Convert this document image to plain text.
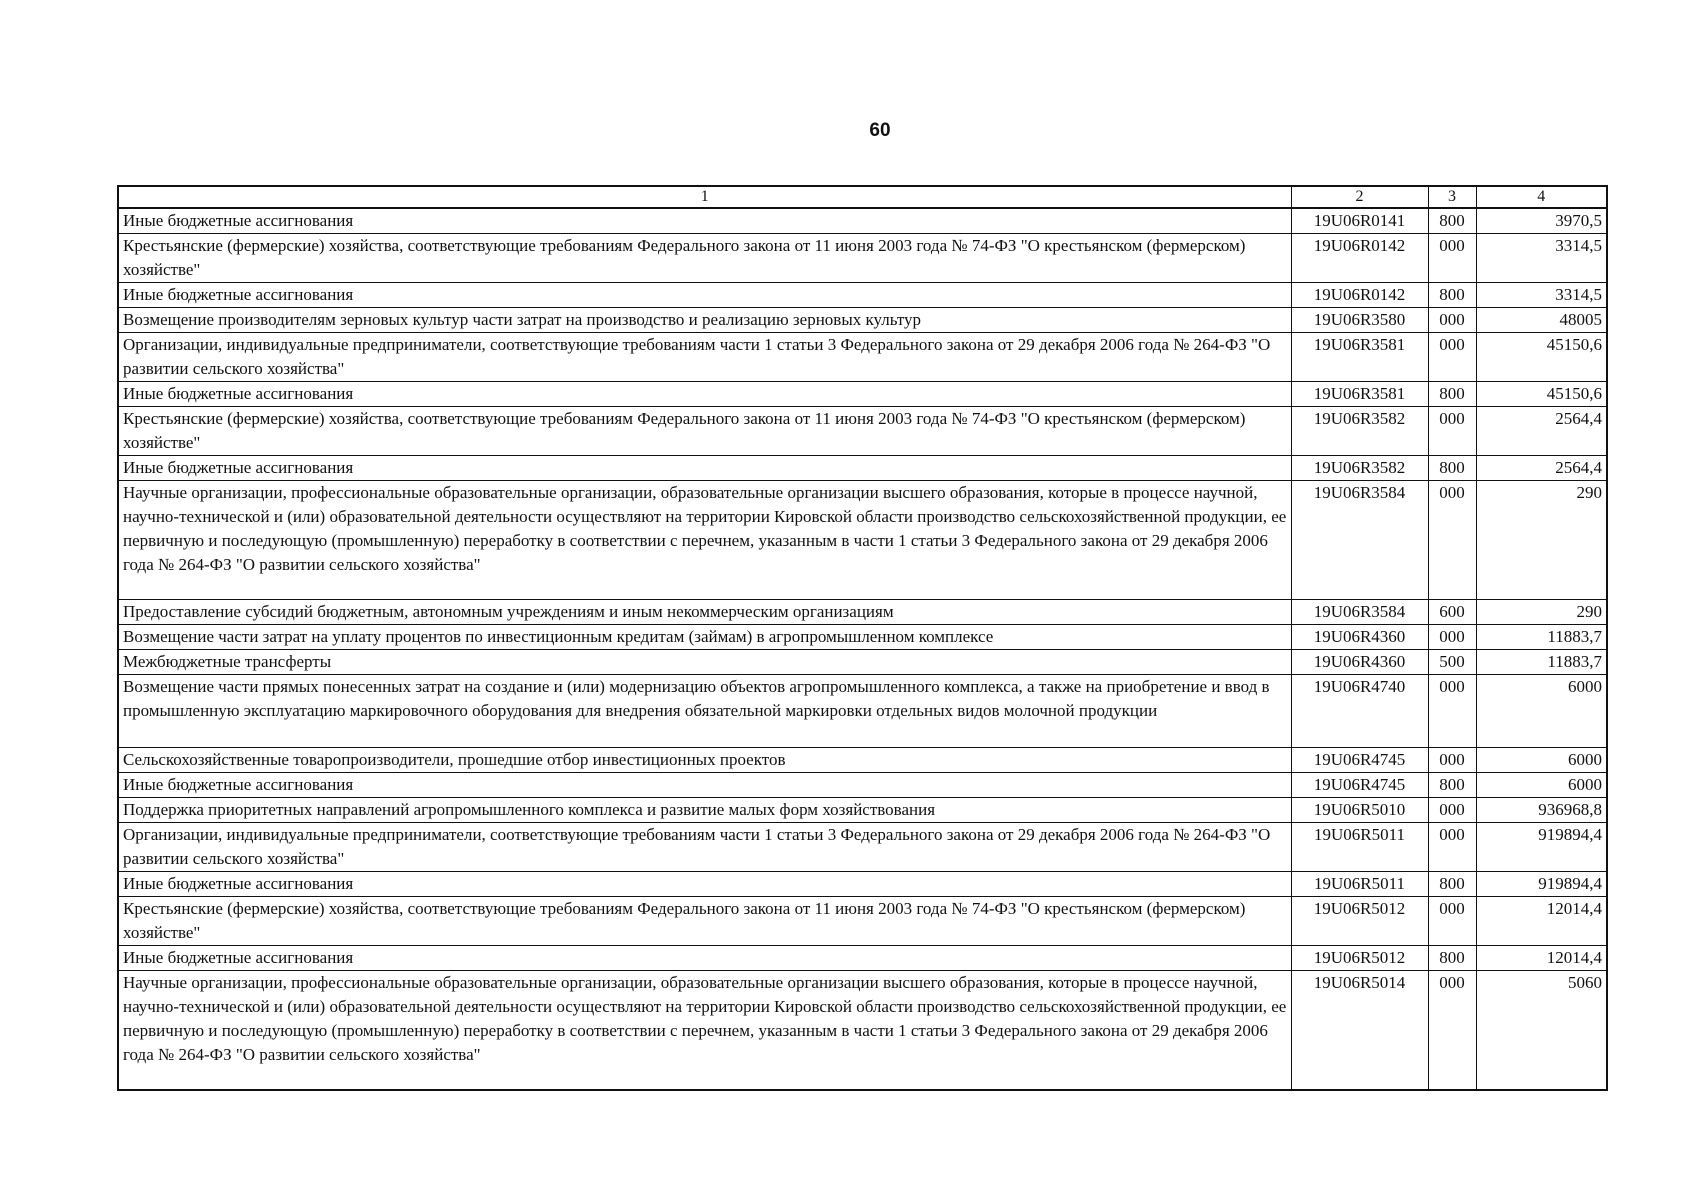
60
1	2	3	4
Иные бюджетные ассигнования	19U06R0141	800	3970,5
Крестьянские (фермерские) хозяйства, соответствующие требованиям Федерального закона от 11 июня 2003 года № 74-ФЗ "О крестьянском (фермерском) хозяйстве"	19U06R0142	000	3314,5
Иные бюджетные ассигнования	19U06R0142	800	3314,5
Возмещение производителям зерновых культур части затрат на производство и реализацию зерновых культур	19U06R3580	000	48005
Организации, индивидуальные предприниматели, соответствующие требованиям части 1 статьи 3 Федерального закона от 29 декабря 2006 года № 264-ФЗ "О развитии сельского хозяйства"	19U06R3581	000	45150,6
Иные бюджетные ассигнования	19U06R3581	800	45150,6
Крестьянские (фермерские) хозяйства, соответствующие требованиям Федерального закона от 11 июня 2003 года № 74-ФЗ "О крестьянском (фермерском) хозяйстве"	19U06R3582	000	2564,4
Иные бюджетные ассигнования	19U06R3582	800	2564,4
Научные организации, профессиональные образовательные организации, образовательные организации высшего образования, которые в процессе научной, научно-технической и (или) образовательной деятельности осуществляют на территории Кировской области производство сельскохозяйственной продукции, ее первичную и последующую (промышленную) переработку в соответствии с перечнем, указанным в части 1 статьи 3 Федерального закона от 29 декабря 2006 года № 264-ФЗ "О развитии сельского хозяйства"	19U06R3584	000	290
Предоставление субсидий бюджетным, автономным учреждениям и иным некоммерческим организациям	19U06R3584	600	290
Возмещение части затрат на уплату процентов по инвестиционным кредитам (займам) в агропромышленном комплексе	19U06R4360	000	11883,7
Межбюджетные трансферты	19U06R4360	500	11883,7
Возмещение части прямых понесенных затрат на создание и (или) модернизацию объектов агропромышленного комплекса, а также на приобретение и ввод в промышленную эксплуатацию маркировочного оборудования для внедрения обязательной маркировки отдельных видов молочной продукции	19U06R4740	000	6000
Сельскохозяйственные товаропроизводители, прошедшие отбор инвестиционных проектов	19U06R4745	000	6000
Иные бюджетные ассигнования	19U06R4745	800	6000
Поддержка приоритетных направлений агропромышленного комплекса и развитие малых форм хозяйствования	19U06R5010	000	936968,8
Организации, индивидуальные предприниматели, соответствующие требованиям части 1 статьи 3 Федерального закона от 29 декабря 2006 года № 264-ФЗ "О развитии сельского хозяйства"	19U06R5011	000	919894,4
Иные бюджетные ассигнования	19U06R5011	800	919894,4
Крестьянские (фермерские) хозяйства, соответствующие требованиям Федерального закона от 11 июня 2003 года № 74-ФЗ "О крестьянском (фермерском) хозяйстве"	19U06R5012	000	12014,4
Иные бюджетные ассигнования	19U06R5012	800	12014,4
Научные организации, профессиональные образовательные организации, образовательные организации высшего образования, которые в процессе научной, научно-технической и (или) образовательной деятельности осуществляют на территории Кировской области производство сельскохозяйственной продукции, ее первичную и последующую (промышленную) переработку в соответствии с перечнем, указанным в части 1 статьи 3 Федерального закона от 29 декабря 2006 года № 264-ФЗ "О развитии сельского хозяйства"	19U06R5014	000	5060
